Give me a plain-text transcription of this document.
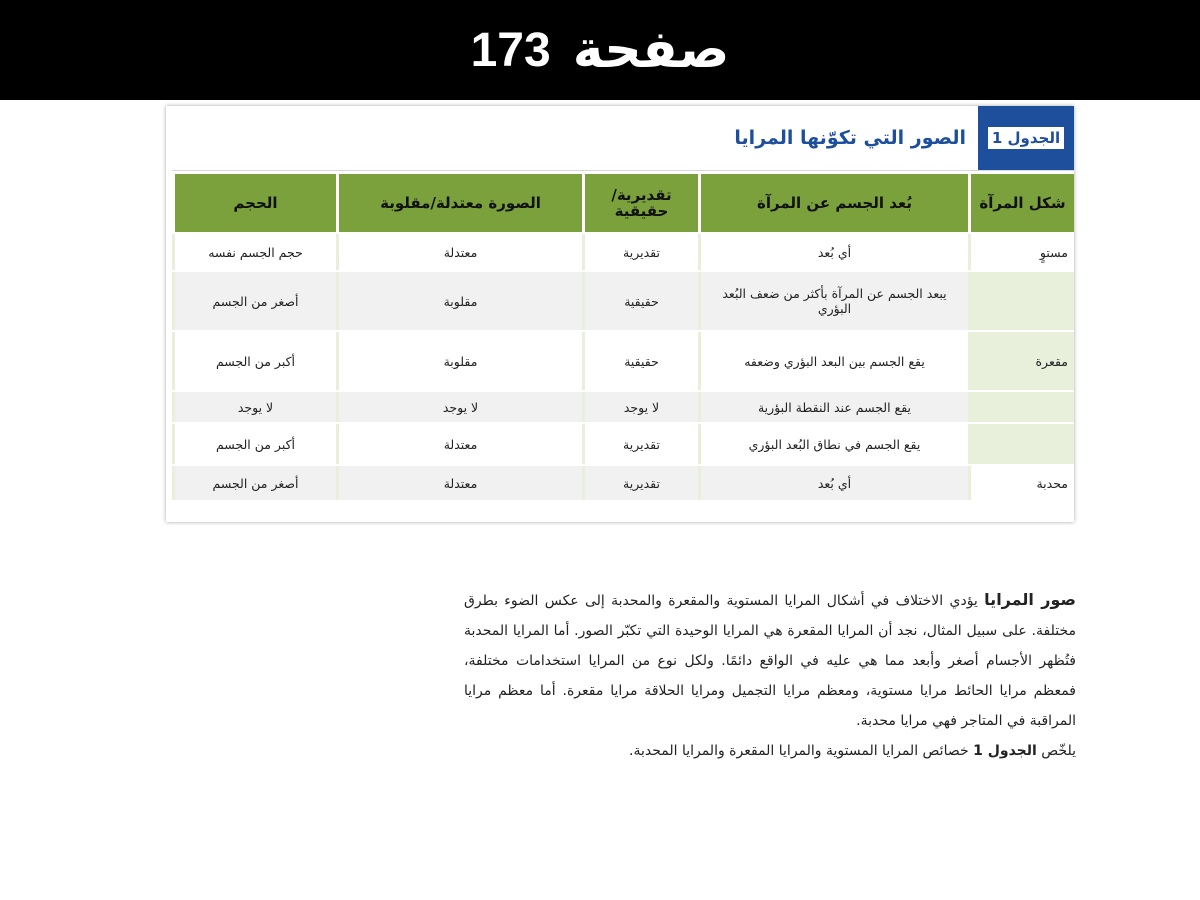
صفحة
173
الجدول 1
الصور التي تكوّنها المرايا
شكل المرآة	بُعد الجسم عن المرآة	تقديرية/ حقيقية	الصورة معتدلة/مقلوبة	الحجم
مستوٍ	أي بُعد	تقديرية	معتدلة	حجم الجسم نفسه
	يبعد الجسم عن المرآة بأكثر من ضعف البُعد البؤري	حقيقية	مقلوبة	أصغر من الجسم
مقعرة	يقع الجسم بين البعد البؤري وضعفه	حقيقية	مقلوبة	أكبر من الجسم
	يقع الجسم عند النقطة البؤرية	لا يوجد	لا يوجد	لا يوجد
	يقع الجسم في نطاق البُعد البؤري	تقديرية	معتدلة	أكبر من الجسم
محدبة	أي بُعد	تقديرية	معتدلة	أصغر من الجسم

صور المرايا يؤدي الاختلاف في أشكال المرايا المستوية والمقعرة والمحدبة إلى عكس الضوء بطرق مختلفة. على سبيل المثال، نجد أن المرايا المقعرة هي المرايا الوحيدة التي تكبّر الصور. أما المرايا المحدبة فتُظهر الأجسام أصغر وأبعد مما هي عليه في الواقع دائمًا. ولكل نوع من المرايا استخدامات مختلفة، فمعظم مرايا الحائط مرايا مستوية، ومعظم مرايا التجميل ومرايا الحلاقة مرايا مقعرة. أما معظم مرايا المراقبة في المتاجر فهي مرايا محدبة.

يلخّص الجدول 1 خصائص المرايا المستوية والمرايا المقعرة والمرايا المحدبة.
